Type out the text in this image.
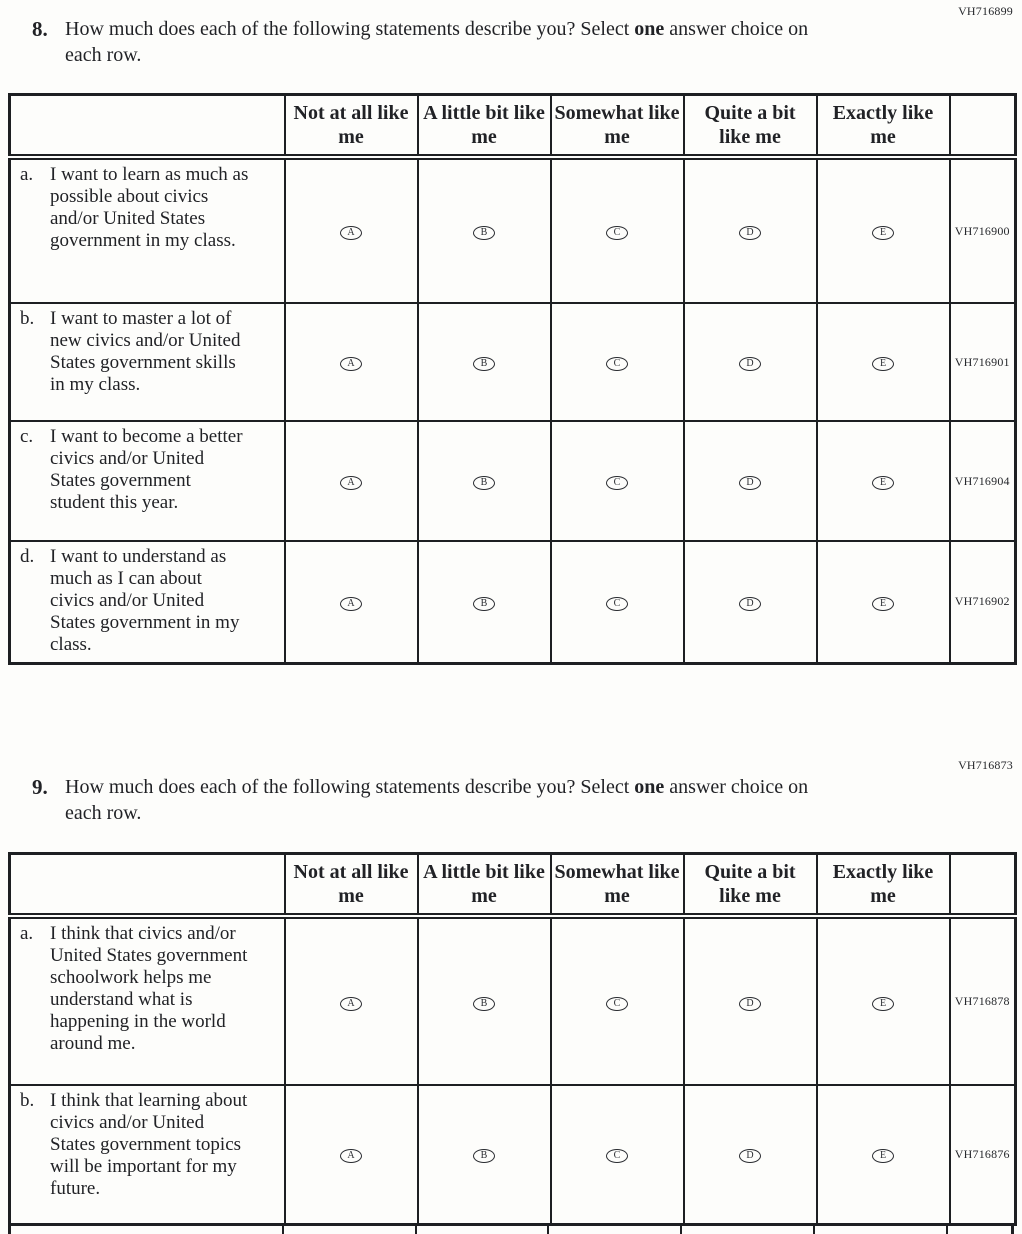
VH716899
8. How much does each of the following statements describe you? Select one answer choice on each row.
	Not at all like me	A little bit like me	Somewhat like me	Quite a bit like me	Exactly like me	

a. I want to learn as much as possible about civics and/or United States government in my class.	A	B	C	D	E	VH716900

b. I want to master a lot of new civics and/or United States government skills in my class.	A	B	C	D	E	VH716901

c. I want to become a better civics and/or United States government student this year.	A	B	C	D	E	VH716904

d. I want to understand as much as I can about civics and/or United States government in my class.	A	B	C	D	E	VH716902
VH716873
9. How much does each of the following statements describe you? Select one answer choice on each row.
	Not at all like me	A little bit like me	Somewhat like me	Quite a bit like me	Exactly like me	

a. I think that civics and/or United States government schoolwork helps me understand what is happening in the world around me.	A	B	C	D	E	VH716878

b. I think that learning about civics and/or United States government topics will be important for my future.	A	B	C	D	E	VH716876
